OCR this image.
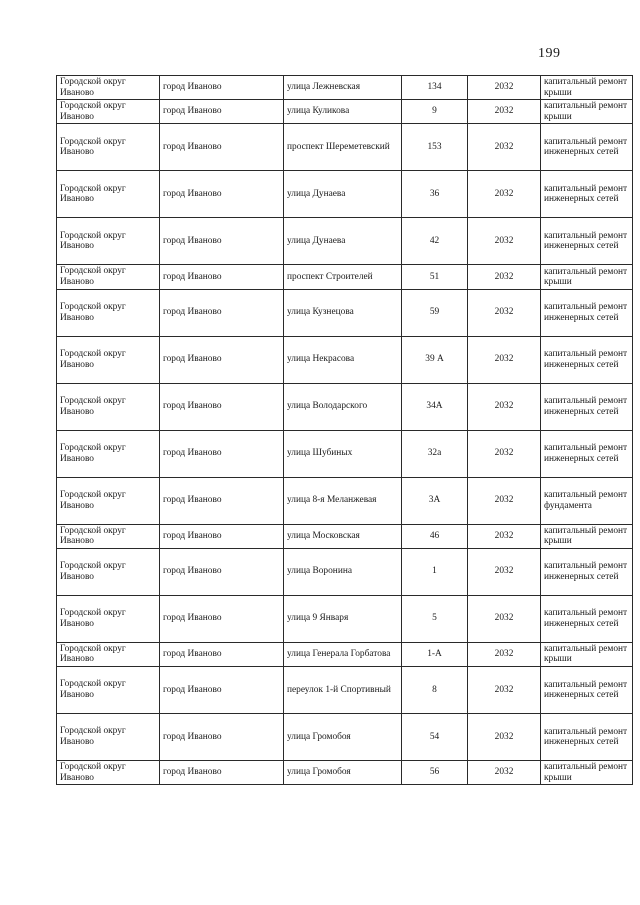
199
Городской округ Иваново	город Иваново	улица Лежневская	134	2032	капитальный ремонт крыши
Городской округ Иваново	город Иваново	улица Куликова	9	2032	капитальный ремонт крыши
Городской округ Иваново	город Иваново	проспект Шереметевский	153	2032	капитальный ремонт инженерных сетей
Городской округ Иваново	город Иваново	улица Дунаева	36	2032	капитальный ремонт инженерных сетей
Городской округ Иваново	город Иваново	улица Дунаева	42	2032	капитальный ремонт инженерных сетей
Городской округ Иваново	город Иваново	проспект Строителей	51	2032	капитальный ремонт крыши
Городской округ Иваново	город Иваново	улица Кузнецова	59	2032	капитальный ремонт инженерных сетей
Городской округ Иваново	город Иваново	улица Некрасова	39 А	2032	капитальный ремонт инженерных сетей
Городской округ Иваново	город Иваново	улица Володарского	34А	2032	капитальный ремонт инженерных сетей
Городской округ Иваново	город Иваново	улица Шубиных	32а	2032	капитальный ремонт инженерных сетей
Городской округ Иваново	город Иваново	улица 8-я Меланжевая	3А	2032	капитальный ремонт фундамента
Городской округ Иваново	город Иваново	улица Московская	46	2032	капитальный ремонт крыши
Городской округ Иваново	город Иваново	улица Воронина	1	2032	капитальный ремонт инженерных сетей
Городской округ Иваново	город Иваново	улица 9 Января	5	2032	капитальный ремонт инженерных сетей
Городской округ Иваново	город Иваново	улица Генерала Горбатова	1-А	2032	капитальный ремонт крыши
Городской округ Иваново	город Иваново	переулок 1-й Спортивный	8	2032	капитальный ремонт инженерных сетей
Городской округ Иваново	город Иваново	улица Громобоя	54	2032	капитальный ремонт инженерных сетей
Городской округ Иваново	город Иваново	улица Громобоя	56	2032	капитальный ремонт крыши
